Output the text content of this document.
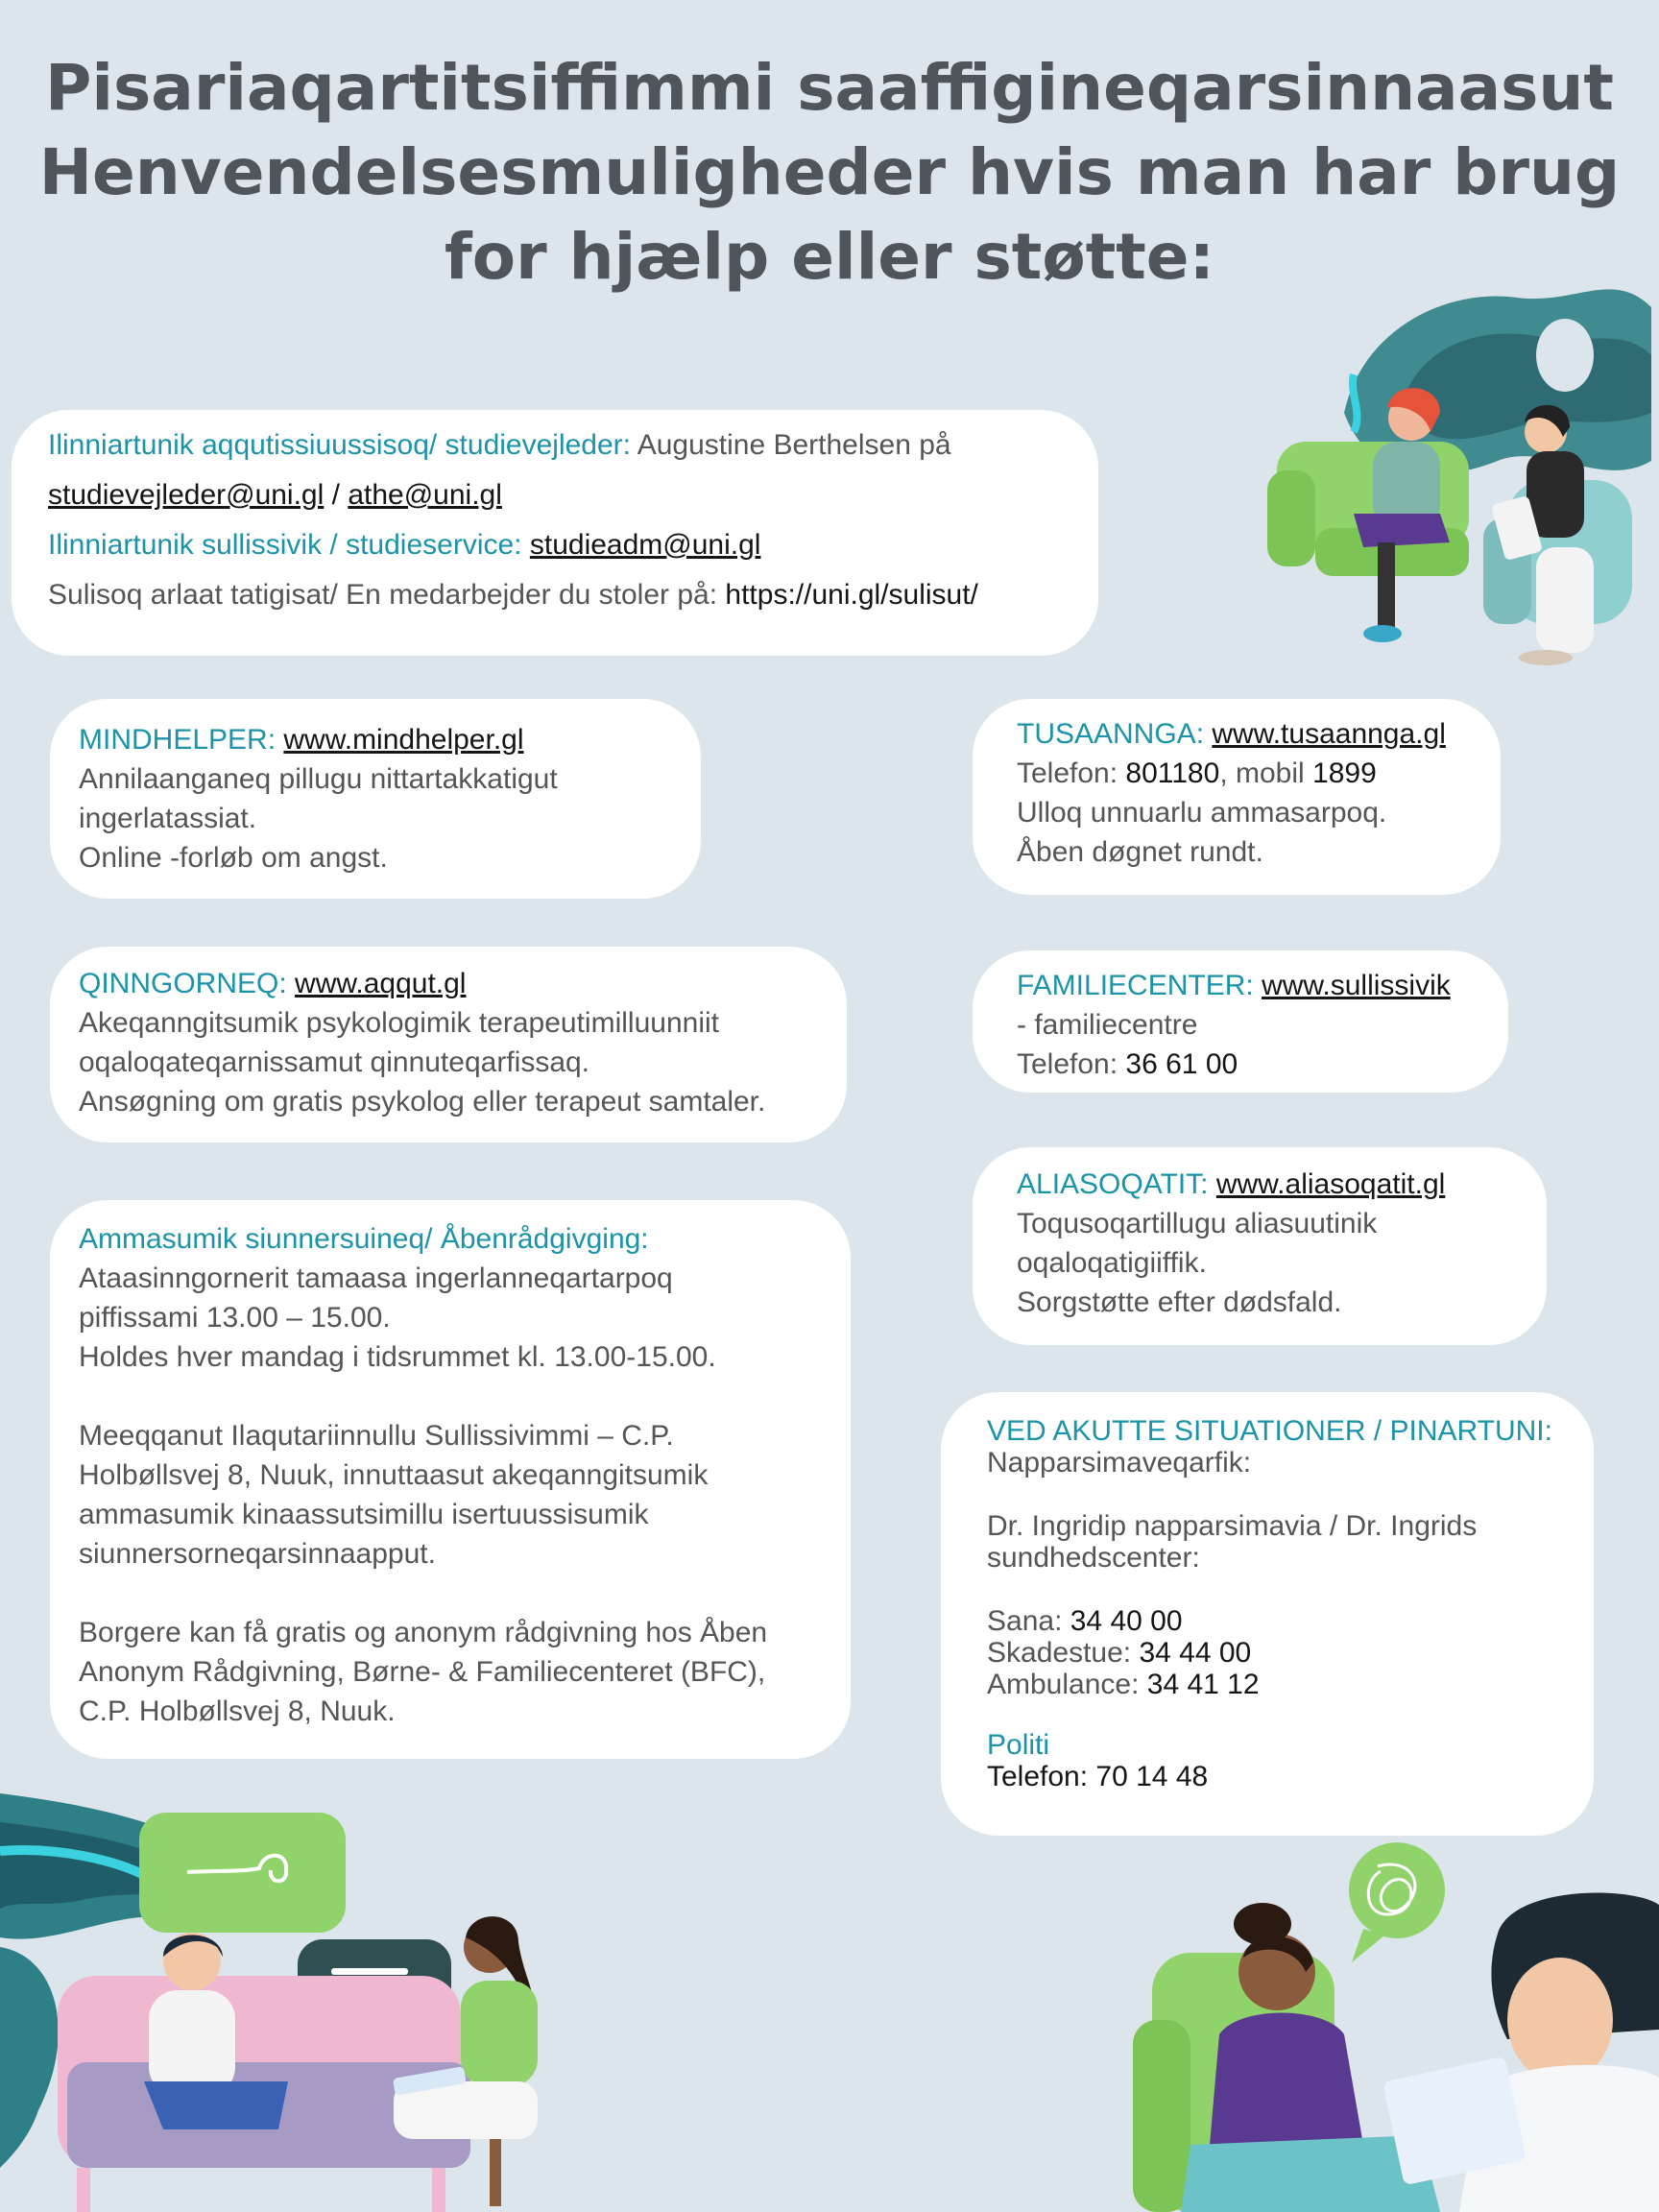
Pisariaqartitsiffimmi saaffigineqarsinnaasut
Henvendelsesmuligheder hvis man har brug
for hjælp eller støtte:

Ilinniartunik aqqutissiuussisoq/ studievejleder: Augustine Berthelsen på

studievejleder@uni.gl / athe@uni.gl

Ilinniartunik sullissivik / studieservice: studieadm@uni.gl

Sulisoq arlaat tatigisat/ En medarbejder du stoler på: https://uni.gl/sulisut/

MINDHELPER: www.mindhelper.gl

Annilaanganeq pillugu nittartakkatigut

ingerlatassiat.

Online -forløb om angst.

TUSAANNGA: www.tusaannga.gl

Telefon: 801180, mobil 1899

Ulloq unnuarlu ammasarpoq.

Åben døgnet rundt.

QINNGORNEQ: www.aqqut.gl

Akeqanngitsumik psykologimik terapeutimilluunniit

oqaloqateqarnissamut qinnuteqarfissaq.

Ansøgning om gratis psykolog eller terapeut samtaler.

FAMILIECENTER: www.sullissivik

- familiecentre

Telefon: 36 61 00

Ammasumik siunnersuineq/ Åbenrådgivging:

Ataasinngornerit tamaasa ingerlanneqartarpoq

piffissami 13.00 – 15.00.

Holdes hver mandag i tidsrummet kl. 13.00-15.00.

Meeqqanut Ilaqutariinnullu Sullissivimmi – C.P.

Holbøllsvej 8, Nuuk, innuttaasut akeqanngitsumik

ammasumik kinaassutsimillu isertuussisumik

siunnersorneqarsinnaapput.

Borgere kan få gratis og anonym rådgivning hos Åben

Anonym Rådgivning, Børne- & Familiecenteret (BFC),

C.P. Holbøllsvej 8, Nuuk.

ALIASOQATIT: www.aliasoqatit.gl

Toqusoqartillugu aliasuutinik

oqaloqatigiiffik.

Sorgstøtte efter dødsfald.

VED AKUTTE SITUATIONER / PINARTUNI:

Napparsimaveqarfik:

Dr. Ingridip napparsimavia / Dr. Ingrids

sundhedscenter:

Sana: 34 40 00

Skadestue: 34 44 00

Ambulance: 34 41 12

Politi

Telefon: 70 14 48
